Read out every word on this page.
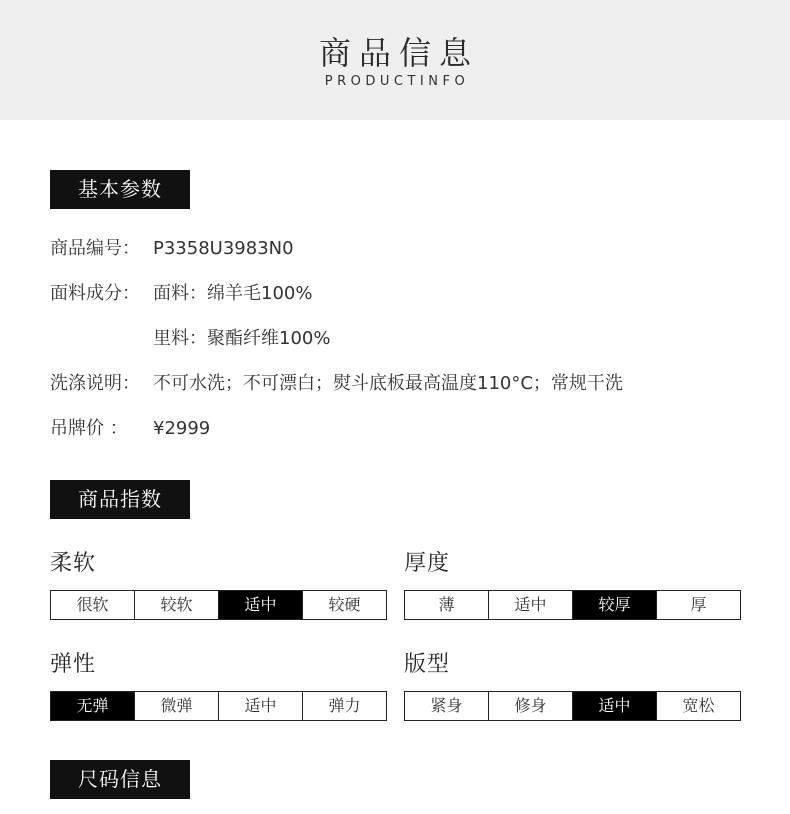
商品信息
PRODUCTINFO
基本参数
商品编号： P3358U3983N0
面料成分： 面料：绵羊毛100%
里料：聚酯纤维100%
洗涤说明： 不可水洗；不可漂白；熨斗底板最高温度110°C；常规干洗
吊牌价 ： ¥2999
商品指数
柔软
很软	较软	适中	较硬
厚度
薄	适中	较厚	厚
弹性
无弹	微弹	适中	弹力
版型
紧身	修身	适中	宽松
尺码信息
